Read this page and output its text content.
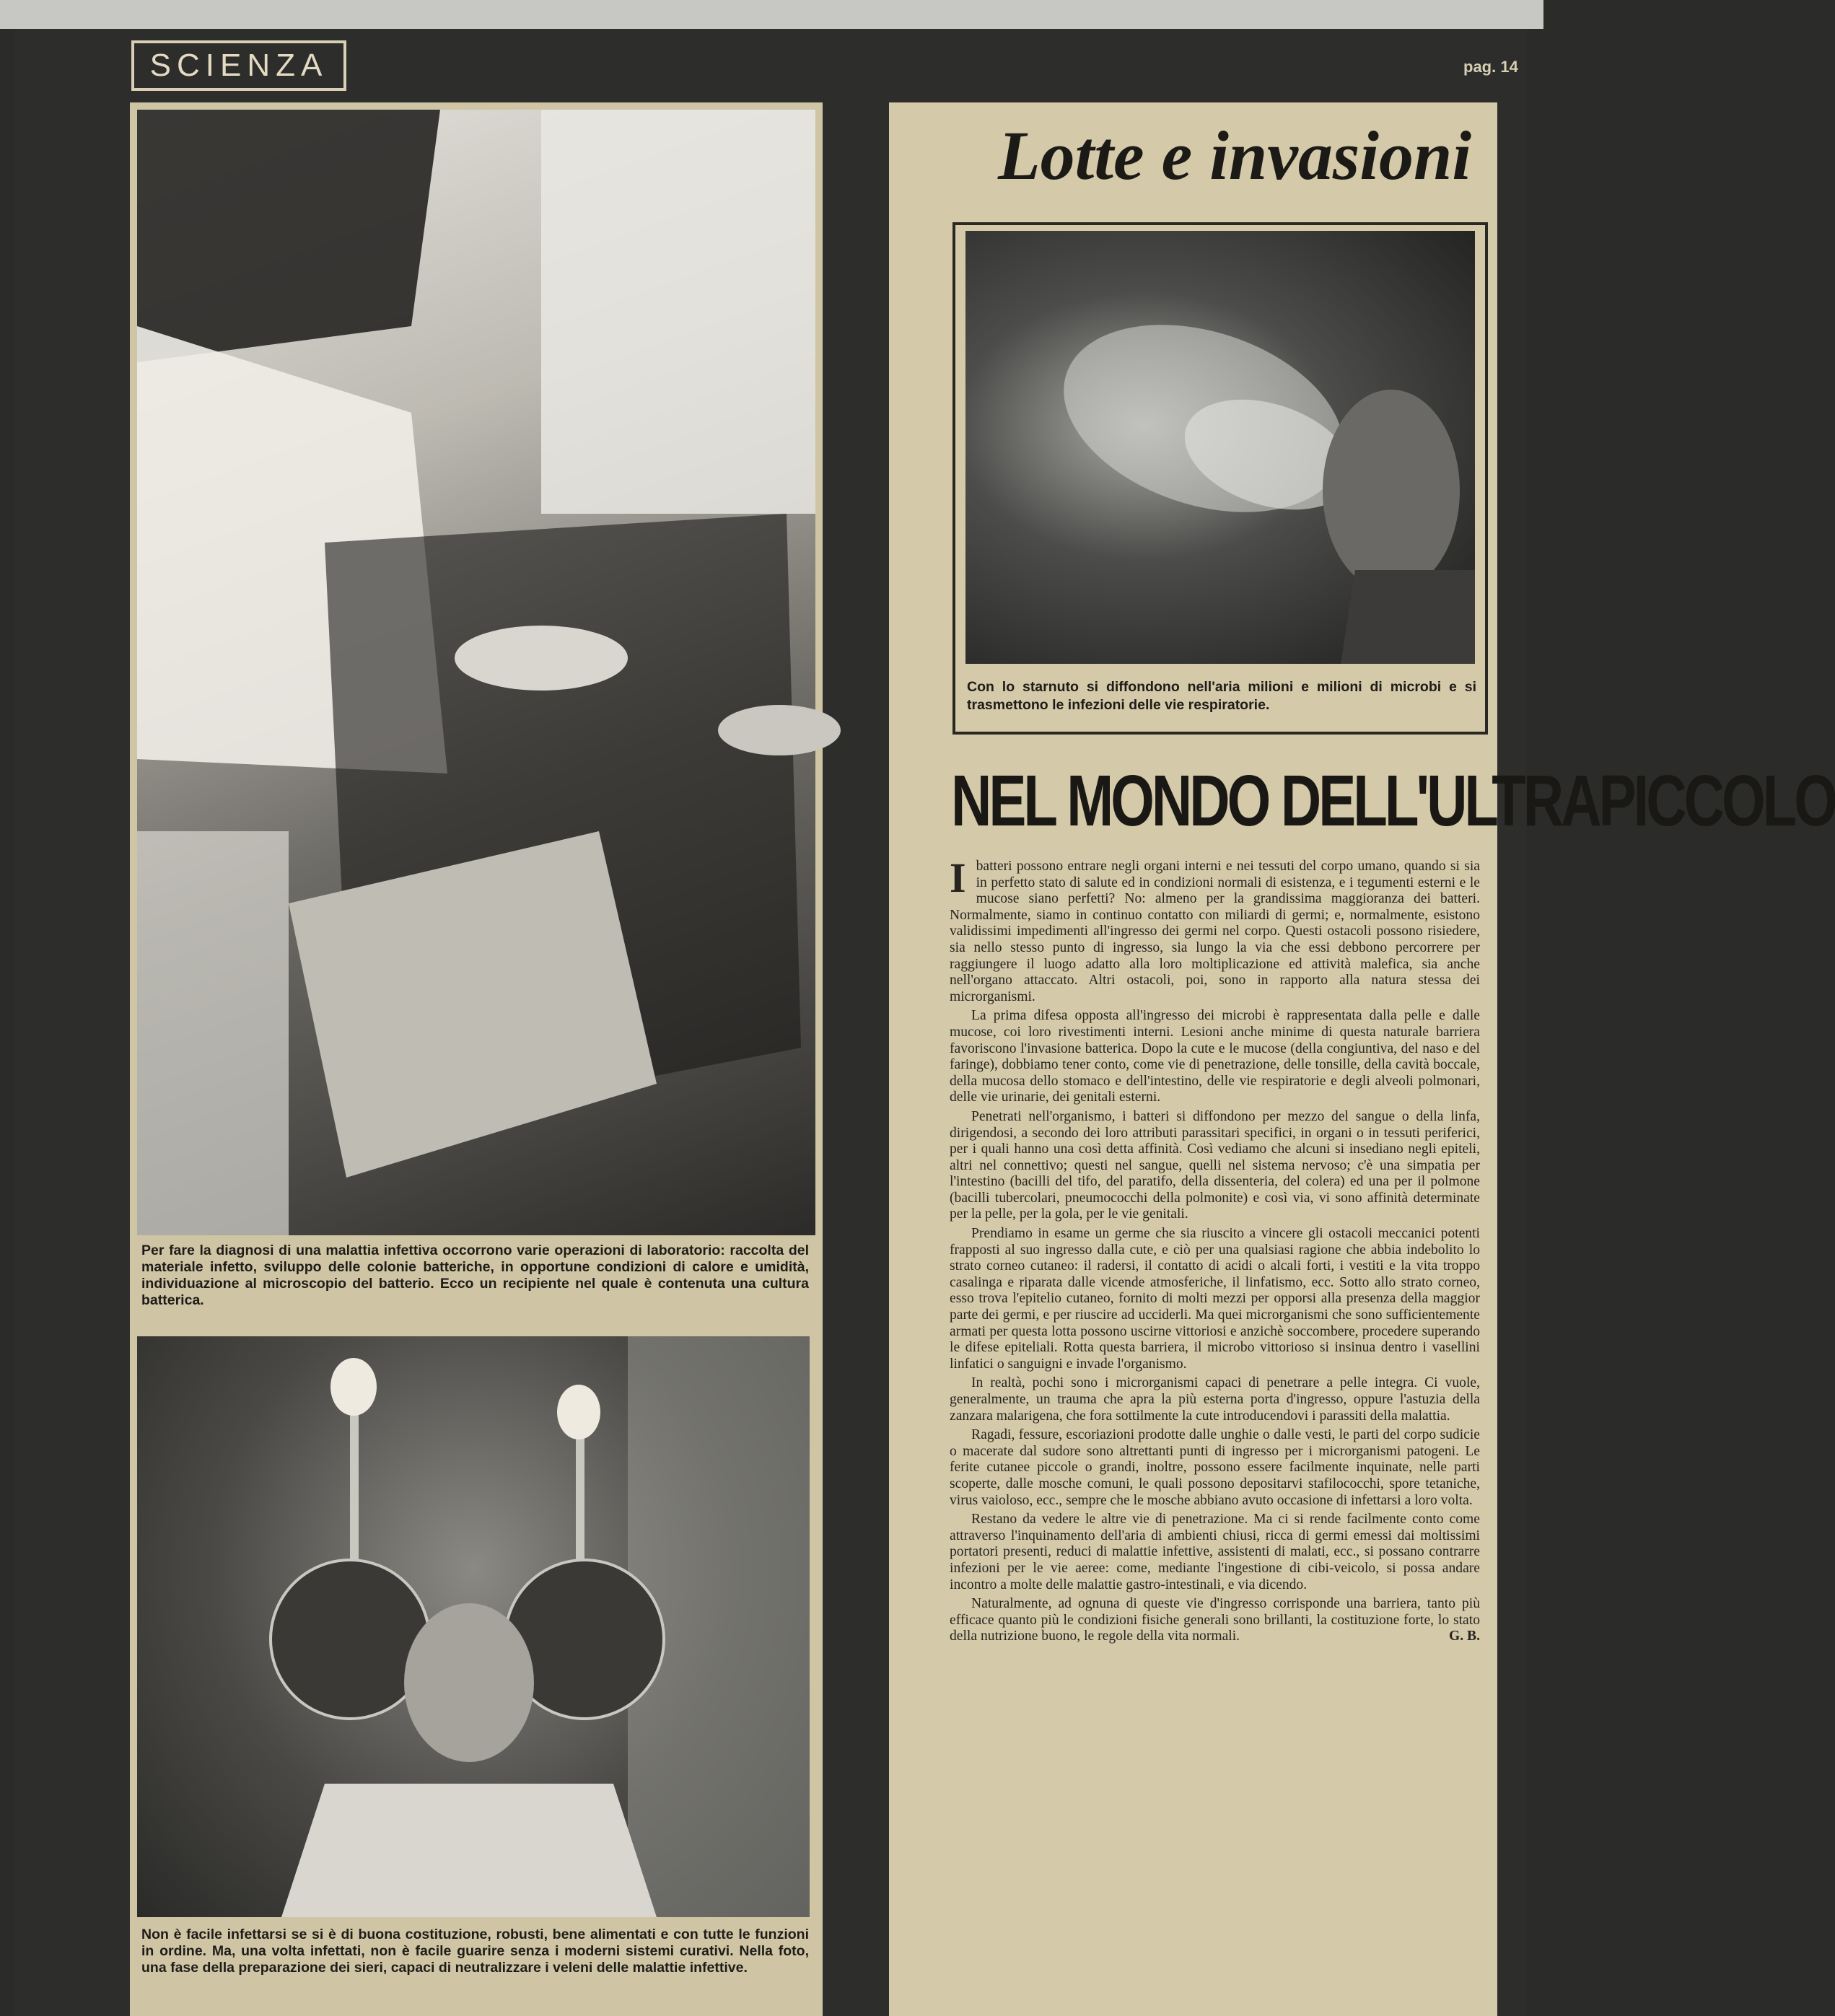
SCIENZA	pag. 14
Per fare la diagnosi di una malattia infettiva occorrono varie operazioni di laboratorio: raccolta del materiale infetto, sviluppo delle colonie batteriche, in opportune condizioni di calore e umidità, individuazione al microscopio del batterio. Ecco un recipiente nel quale è contenuta una cultura batterica.
Non è facile infettarsi se si è di buona costituzione, robusti, bene alimentati e con tutte le funzioni in ordine. Ma, una volta infettati, non è facile guarire senza i moderni sistemi curativi. Nella foto, una fase della preparazione dei sieri, capaci di neutralizzare i veleni delle malattie infettive.
Lotte e invasioni
Con lo starnuto si diffondono nell'aria milioni e milioni di microbi e si trasmettono le infezioni delle vie respiratorie.
NEL MONDO DELL'ULTRAPICCOLO

Ibatteri possono entrare negli organi interni e nei tessuti del corpo umano, quando si sia in perfetto stato di salute ed in condizioni normali di esistenza, e i tegumenti esterni e le mucose siano perfetti? No: almeno per la grandissima maggioranza dei batteri. Normalmente, siamo in continuo contatto con miliardi di germi; e, normalmente, esistono validissimi impedimenti all'ingresso dei germi nel corpo. Questi ostacoli possono risiedere, sia nello stesso punto di ingresso, sia lungo la via che essi debbono percorrere per raggiungere il luogo adatto alla loro moltiplicazione ed attività malefica, sia anche nell'organo attaccato. Altri ostacoli, poi, sono in rapporto alla natura stessa dei microrganismi.

La prima difesa opposta all'ingresso dei microbi è rappresentata dalla pelle e dalle mucose, coi loro rivestimenti interni. Lesioni anche minime di questa naturale barriera favoriscono l'invasione batterica. Dopo la cute e le mucose (della congiuntiva, del naso e del faringe), dobbiamo tener conto, come vie di penetrazione, delle tonsille, della cavità boccale, della mucosa dello stomaco e dell'intestino, delle vie respiratorie e degli alveoli polmonari, delle vie urinarie, dei genitali esterni.

Penetrati nell'organismo, i batteri si diffondono per mezzo del sangue o della linfa, dirigendosi, a secondo dei loro attributi parassitari specifici, in organi o in tessuti periferici, per i quali hanno una così detta affinità. Così vediamo che alcuni si insediano negli epiteli, altri nel connettivo; questi nel sangue, quelli nel sistema nervoso; c'è una simpatia per l'intestino (bacilli del tifo, del paratifo, della dissenteria, del colera) ed una per il polmone (bacilli tubercolari, pneumococchi della polmonite) e così via, vi sono affinità determinate per la pelle, per la gola, per le vie genitali.

Prendiamo in esame un germe che sia riuscito a vincere gli ostacoli meccanici potenti frapposti al suo ingresso dalla cute, e ciò per una qualsiasi ragione che abbia indebolito lo strato corneo cutaneo: il radersi, il contatto di acidi o alcali forti, i vestiti e la vita troppo casalinga e riparata dalle vicende atmosferiche, il linfatismo, ecc. Sotto allo strato corneo, esso trova l'epitelio cutaneo, fornito di molti mezzi per opporsi alla presenza della maggior parte dei germi, e per riuscire ad ucciderli. Ma quei microrganismi che sono sufficientemente armati per questa lotta possono uscirne vittoriosi e anzichè soccombere, procedere superando le difese epiteliali. Rotta questa barriera, il microbo vittorioso si insinua dentro i vasellini linfatici o sanguigni e invade l'organismo.

In realtà, pochi sono i microrganismi capaci di penetrare a pelle integra. Ci vuole, generalmente, un trauma che apra la più esterna porta d'ingresso, oppure l'astuzia della zanzara malarigena, che fora sottilmente la cute introducendovi i parassiti della malattia.

Ragadi, fessure, escoriazioni prodotte dalle unghie o dalle vesti, le parti del corpo sudicie o macerate dal sudore sono altrettanti punti di ingresso per i microrganismi patogeni. Le ferite cutanee piccole o grandi, inoltre, possono essere facilmente inquinate, nelle parti scoperte, dalle mosche comuni, le quali possono depositarvi stafilococchi, spore tetaniche, virus vaioloso, ecc., sempre che le mosche abbiano avuto occasione di infettarsi a loro volta.

Restano da vedere le altre vie di penetrazione. Ma ci si rende facilmente conto come attraverso l'inquinamento dell'aria di ambienti chiusi, ricca di germi emessi dai moltissimi portatori presenti, reduci di malattie infettive, assistenti di malati, ecc., si possano contrarre infezioni per le vie aeree: come, mediante l'ingestione di cibi-veicolo, si possa andare incontro a molte delle malattie gastro-intestinali, e via dicendo.

Naturalmente, ad ognuna di queste vie d'ingresso corrisponde una barriera, tanto più efficace quanto più le condizioni fisiche generali sono brillanti, la costituzione forte, lo stato della nutrizione buono, le regole della vita normali.	G. B.
